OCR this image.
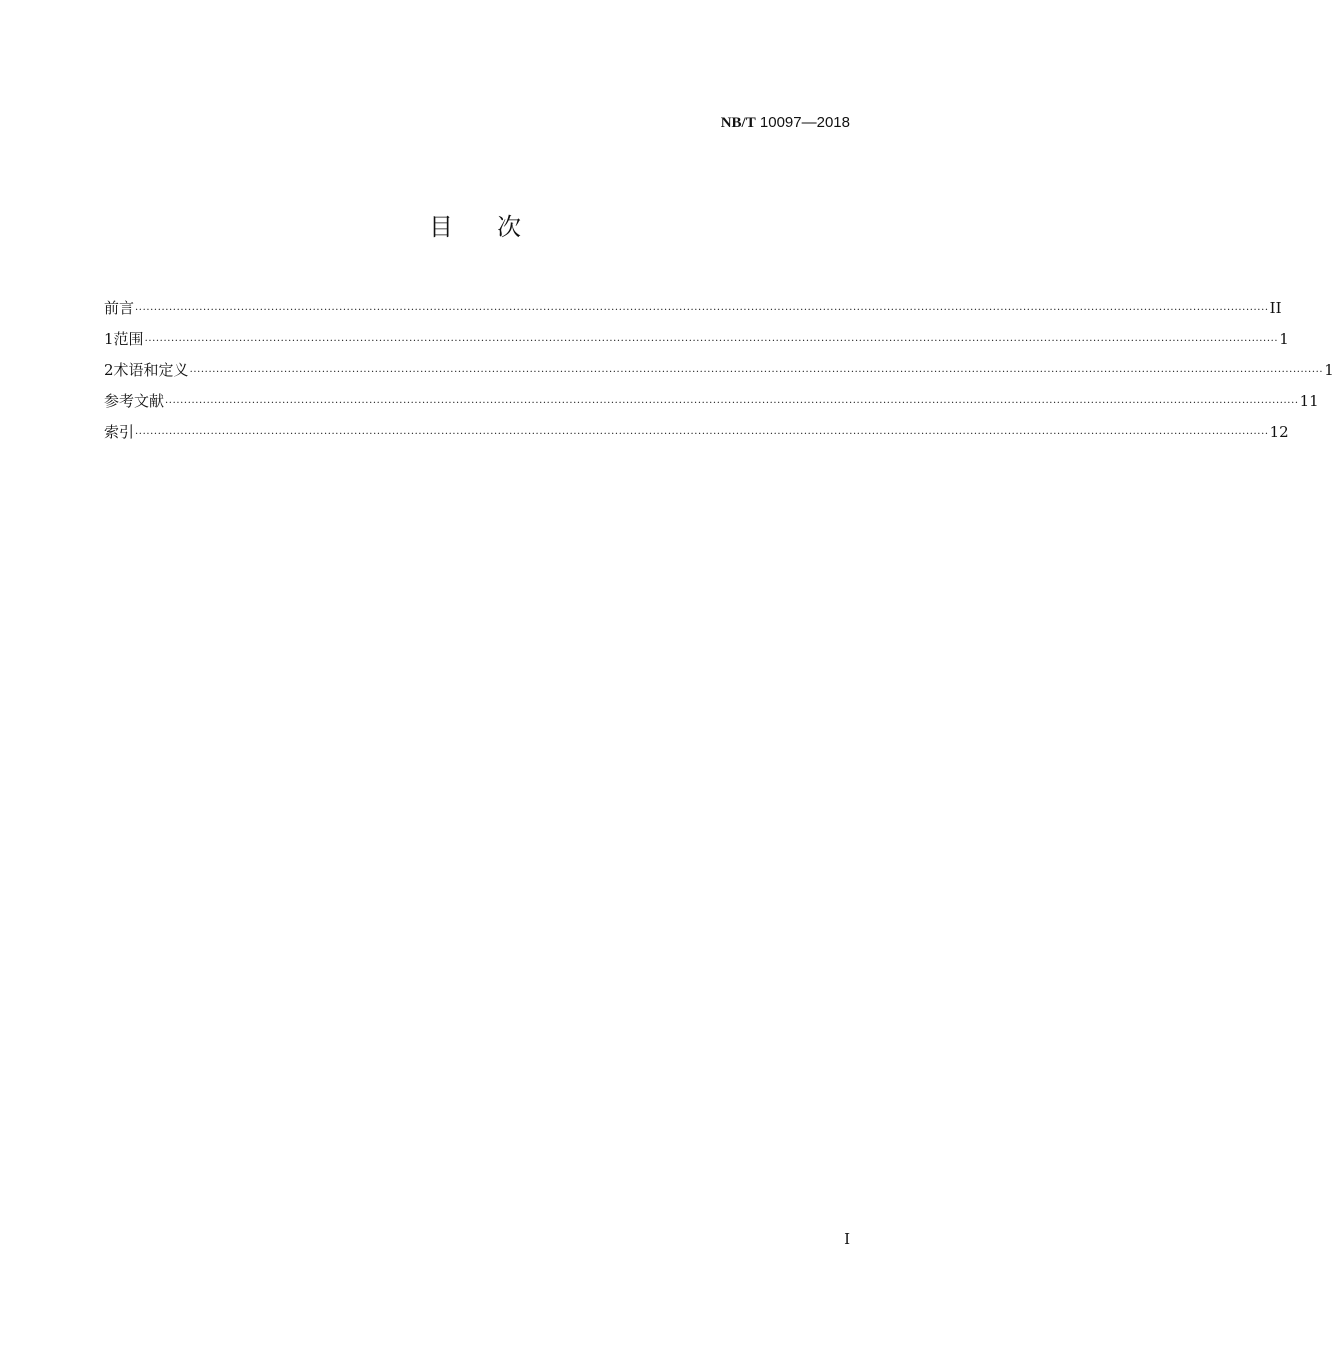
NB/T 10097—2018
目次
前言 ············································································································································································································································································································ II
1 范围 ············································································································································································································································································································ 1
2 术语和定义 ············································································································································································································································································································ 1
参考文献 ············································································································································································································································································································ 11
索引 ············································································································································································································································································································ 12
I
